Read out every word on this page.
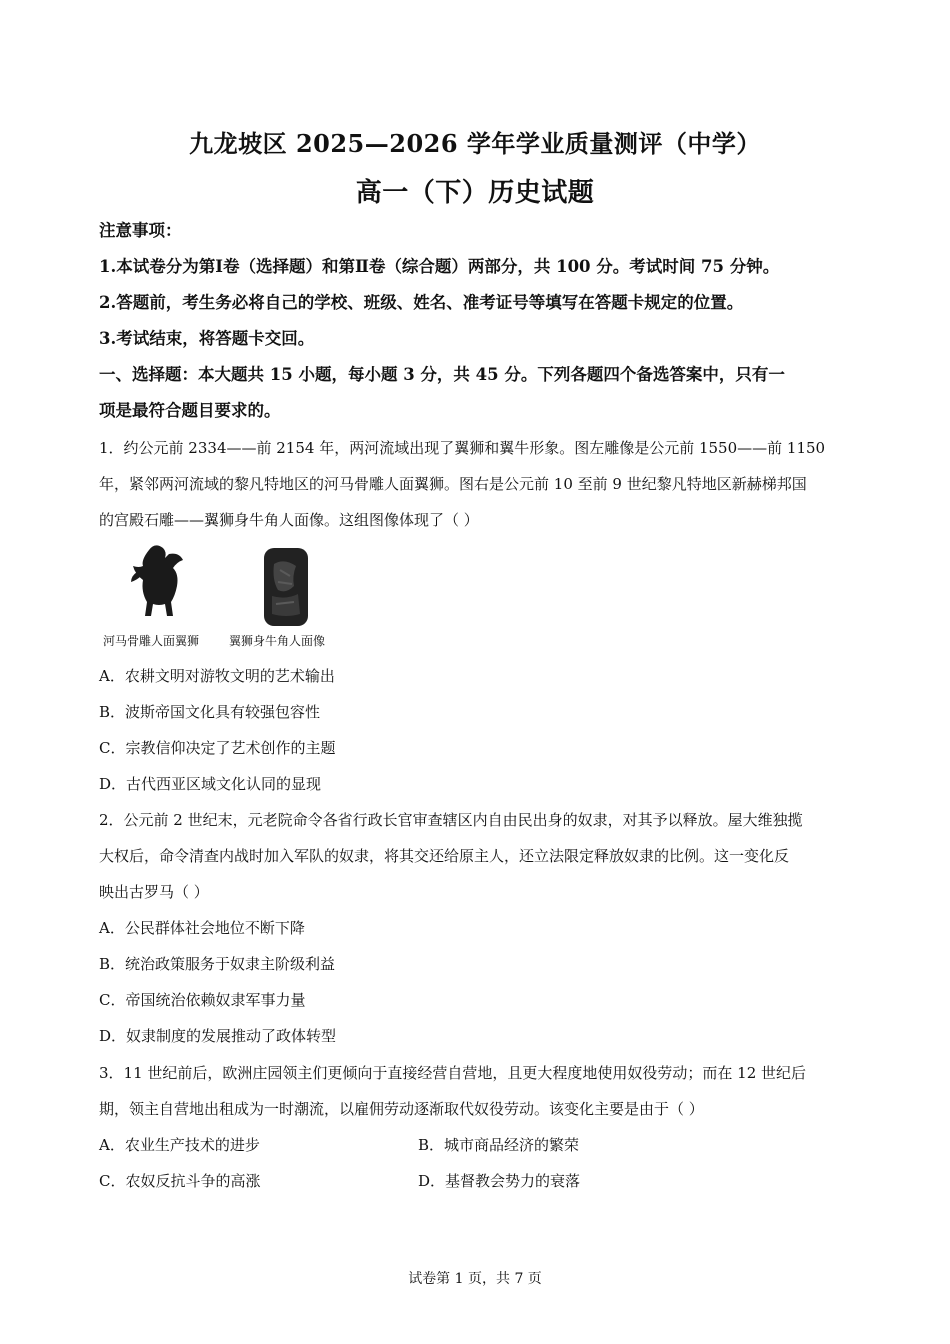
九龙坡区 2025—2026 学年学业质量测评（中学）
高一（下）历史试题
注意事项：
1.本试卷分为第Ⅰ卷（选择题）和第Ⅱ卷（综合题）两部分，共 100 分。考试时间 75 分钟。
2.答题前，考生务必将自己的学校、班级、姓名、准考证号等填写在答题卡规定的位置。
3.考试结束，将答题卡交回。
一、选择题：本大题共 15 小题，每小题 3 分，共 45 分。下列各题四个备选答案中，只有一
项是最符合题目要求的。
1．约公元前 2334——前 2154 年，两河流域出现了翼狮和翼牛形象。图左雕像是公元前 1550——前 1150
年，紧邻两河流域的黎凡特地区的河马骨雕人面翼狮。图右是公元前 10 至前 9 世纪黎凡特地区新赫梯邦国
的宫殿石雕——翼狮身牛角人面像。这组图像体现了（ ）
河马骨雕人面翼狮 翼狮身牛角人面像
A．农耕文明对游牧文明的艺术输出
B．波斯帝国文化具有较强包容性
C．宗教信仰决定了艺术创作的主题
D．古代西亚区域文化认同的显现
2．公元前 2 世纪末，元老院命令各省行政长官审查辖区内自由民出身的奴隶，对其予以释放。屋大维独揽
大权后，命令清查内战时加入军队的奴隶，将其交还给原主人，还立法限定释放奴隶的比例。这一变化反
映出古罗马（ ）
A．公民群体社会地位不断下降
B．统治政策服务于奴隶主阶级利益
C．帝国统治依赖奴隶军事力量
D．奴隶制度的发展推动了政体转型
3．11 世纪前后，欧洲庄园领主们更倾向于直接经营自营地，且更大程度地使用奴役劳动；而在 12 世纪后
期，领主自营地出租成为一时潮流，以雇佣劳动逐渐取代奴役劳动。该变化主要是由于（ ）
A．农业生产技术的进步	B．城市商品经济的繁荣
C．农奴反抗斗争的高涨	D．基督教会势力的衰落
试卷第 1 页，共 7 页
